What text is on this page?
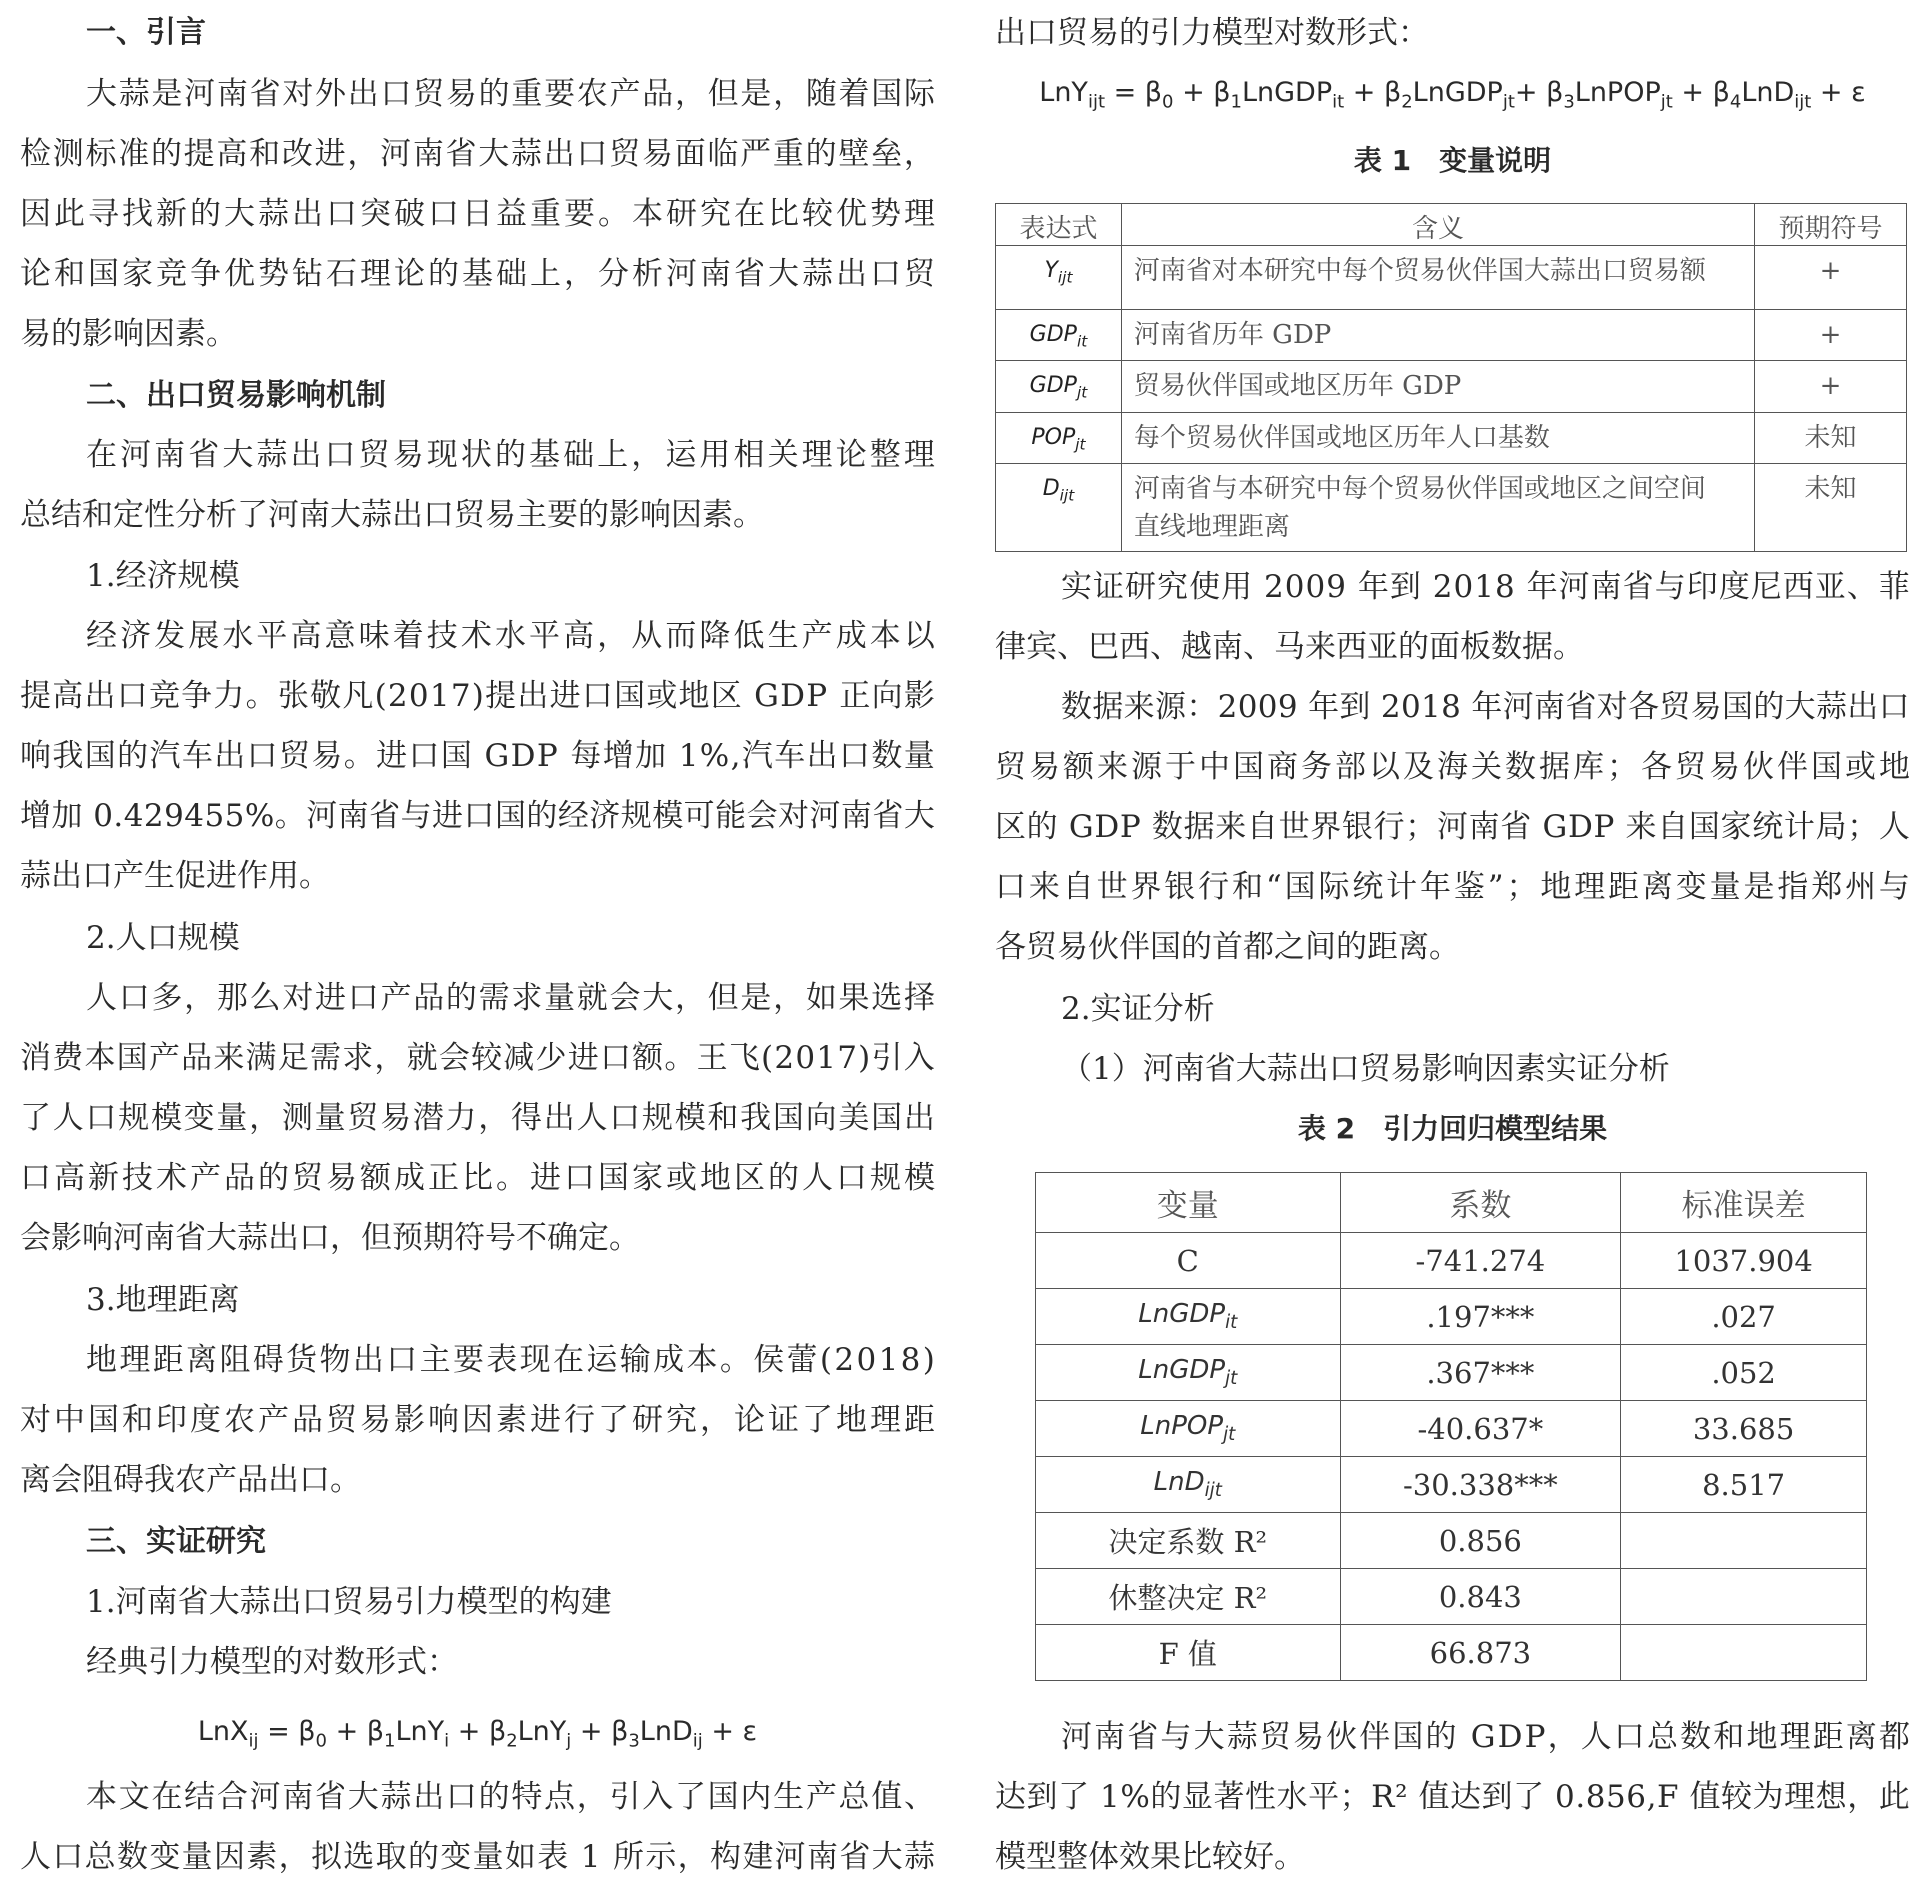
一、引言
大 蒜 是 河 南 省 对 外 出 口 贸 易 的 重 要 农 产 品 ， 但 是 ， 随 着 国 际
检 测 标 准 的 提 高 和 改 进 ， 河 南 省 大 蒜 出 口 贸 易 面 临 严 重 的 壁 垒 ，
因 此 寻 找 新 的 大 蒜 出 口 突 破 口 日 益 重 要 。 本 研 究 在 比 较 优 势 理
论 和 国 家 竞 争 优 势 钻 石 理 论 的 基 础 上 ， 分 析 河 南 省 大 蒜 出 口 贸
易的影响因素。
二、出口贸易影响机制
在 河 南 省 大 蒜 出 口 贸 易 现 状 的 基 础 上 ， 运 用 相 关 理 论 整 理
总结和定性分析了河南大蒜出口贸易主要的影响因素。
1.经济规模
经 济 发 展 水 平 高 意 味 着 技 术 水 平 高 ， 从 而 降 低 生 产 成 本 以
提 高 出 口 竞 争 力 。 张 敬 凡 ( 2 0 1 7 ) 提 出 进 口 国 或 地 区
G D P
正 向 影
响 我 国 的 汽 车 出 口 贸 易 。 进 口 国
G D P
每 增 加
1 % , 汽 车 出 口 数 量
增 加
0 . 4 2 9 4 5 5 % 。 河 南 省 与 进 口 国 的 经 济 规 模 可 能 会 对 河 南 省 大
蒜出口产生促进作用。
2.人口规模
人 口 多 ， 那 么 对 进 口 产 品 的 需 求 量 就 会 大 ， 但 是 ， 如 果 选 择
消 费 本 国 产 品 来 满 足 需 求 ， 就 会 较 减 少 进 口 额 。 王 飞 ( 2 0 1 7 ) 引 入
了 人 口 规 模 变 量 ， 测 量 贸 易 潜 力 ， 得 出 人 口 规 模 和 我 国 向 美 国 出
口 高 新 技 术 产 品 的 贸 易 额 成 正 比 。 进 口 国 家 或 地 区 的 人 口 规 模
会影响河南省大蒜出口，但预期符号不确定。
3.地理距离
地 理 距 离 阻 碍 货 物 出 口 主 要 表 现 在 运 输 成 本 。 侯 蕾 ( 2 0 1 8 )
对 中 国 和 印 度 农 产 品 贸 易 影 响 因 素 进 行 了 研 究 ， 论 证 了 地 理 距
离会阻碍我农产品出口。
三、实证研究
1.河南省大蒜出口贸易引力模型的构建
经典引力模型的对数形式：
$LnX_{ij} = \beta_0 + \beta_1LnY_i + \beta_2LnY_j + \beta_3LnD_{ij} + \varepsilon$
本 文 在 结 合 河 南 省 大 蒜 出 口 的 特 点 ， 引 入 了 国 内 生 产 总 值 、
人 口 总 数 变 量 因 素 ， 拟 选 取 的 变 量 如 表
1
所 示 ， 构 建 河 南 省 大 蒜
出口贸易的引力模型对数形式：
$LnY_{ijt} = \beta_0$ + $\beta_1LnGDP_{it}$ + $\beta_2LnGDP_{jt}+$ $\beta_3LnPOP_{jt} + \beta_4LnD_{ijt} + \varepsilon$
表 1　变量说明
表达式	含义	预期符号
$Y_{ijt}$	河南省对本研究中每个贸易伙伴国大蒜出口贸易额	+
$GDP_{it}$	河南省历年 GDP	+
$GDP_{jt}$	贸易伙伴国或地区历年 GDP	+
$POP_{jt}$	每个贸易伙伴国或地区历年人口基数	未知
$D_{ijt}$	河南省与本研究中每个贸易伙伴国或地区之间空间
直线地理距离	未知
实 证 研 究 使 用
2 0 0 9
年 到
2 0 1 8
年 河 南 省 与 印 度 尼 西 亚 、 菲
律宾、巴西、越南、马来西亚的面板数据。
数 据 来 源 ： 2 0 0 9
年 到
2 0 1 8
年 河 南 省 对 各 贸 易 国 的 大 蒜 出 口
贸 易 额 来 源 于 中 国 商 务 部 以 及 海 关 数 据 库 ； 各 贸 易 伙 伴 国 或 地
区 的
G D P
数 据 来 自 世 界 银 行 ； 河 南 省
G D P
来 自 国 家 统 计 局 ； 人
口 来 自 世 界 银 行 和 “ 国 际 统 计 年 鉴 ” ； 地 理 距 离 变 量 是 指 郑 州 与
各贸易伙伴国的首都之间的距离。
2.实证分析
（1）河南省大蒜出口贸易影响因素实证分析
表 2　引力回归模型结果
变量	系数	标准误差
C	-741.274	1037.904
LnGDP$_{it}$	.197***	.027
LnGDP$_{jt}$	.367***	.052
LnPOP$_{jt}$	-40.637*	33.685
LnD$_{ijt}$	-30.338***	8.517
决定系数 R²	0.856	
休整决定 R²	0.843	
F 值	66.873	
河 南 省 与 大 蒜 贸 易 伙 伴 国 的
G D P ， 人 口 总 数 和 地 理 距 离 都
达 到 了
1 % 的 显 著 性 水 平 ； R ²
值 达 到 了
0 . 8 5 6 , F
值 较 为 理 想 ， 此
模型整体效果比较好。
